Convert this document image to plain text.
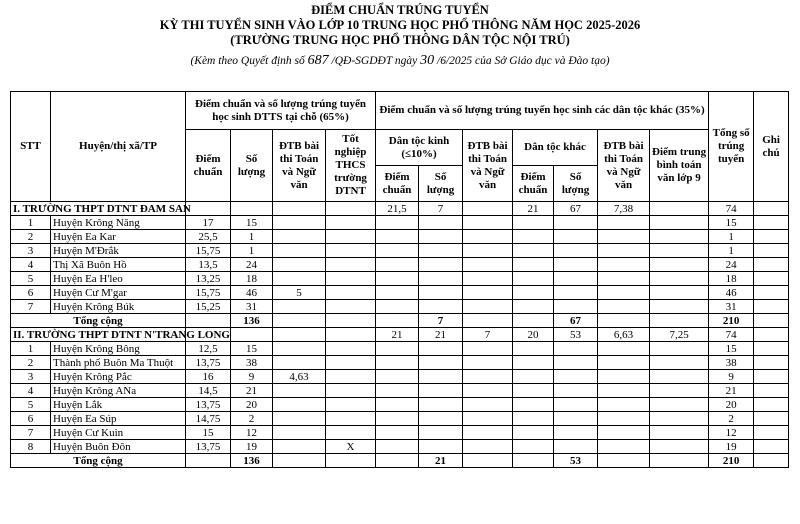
ĐIỂM CHUẨN TRÚNG TUYỂN
KỲ THI TUYỂN SINH VÀO LỚP 10 TRUNG HỌC PHỔ THÔNG NĂM HỌC 2025-2026
(TRƯỜNG TRUNG HỌC PHỔ THÔNG DÂN TỘC NỘI TRÚ)
(Kèm theo Quyết định số 687 /QĐ-SGDĐT ngày 30 /6/2025 của Sở Giáo dục và Đào tạo)
STT	Huyện/thị xã/TP	Điểm chuẩn và số lượng trúng tuyển học sinh DTTS tại chỗ (65%)				Điểm chuẩn và số lượng trúng tuyển học sinh các dân tộc khác (35%)							Tổng số trúng tuyển	Ghi chú
		Điểm chuẩn	Số lượng	ĐTB bài thi Toán và Ngữ văn	Tốt nghiệp THCS trường DTNT	Dân tộc kinh (≤10%)		ĐTB bài thi Toán và Ngữ văn	Dân tộc khác		ĐTB bài thi Toán và Ngữ văn	Điểm trung bình toán văn lớp 9		
						Điểm chuẩn	Số lượng		Điểm chuẩn	Số lượng				
I. TRƯỜNG THPT DTNT ĐAM SAN						21,5	7		21	67	7,38		74	
1	Huyện Krông Năng	17	15										15	
2	Huyện Ea Kar	25,5	1										1	
3	Huyện M'Đrắk	15,75	1										1	
4	Thị Xã Buôn Hồ	13,5	24										24	
5	Huyện Ea H'leo	13,25	18										18	
6	Huyện Cư M'gar	15,75	46	5									46	
7	Huyện Krông Búk	15,25	31										31	
Tổng cộng			136				7			67			210	
II. TRƯỜNG THPT DTNT N'TRANG LONG						21	21	7	20	53	6,63	7,25	74	
1	Huyện Krông Bông	12,5	15										15	
2	Thành phố Buôn Ma Thuột	13,75	38										38	
3	Huyện Krông Pắc	16	9	4,63									9	
4	Huyện Krông ANa	14,5	21										21	
5	Huyện Lắk	13,75	20										20	
6	Huyện Ea Súp	14,75	2										2	
7	Huyện Cư Kuin	15	12										12	
8	Huyện Buôn Đôn	13,75	19		X								19	
Tổng cộng			136				21			53			210	
